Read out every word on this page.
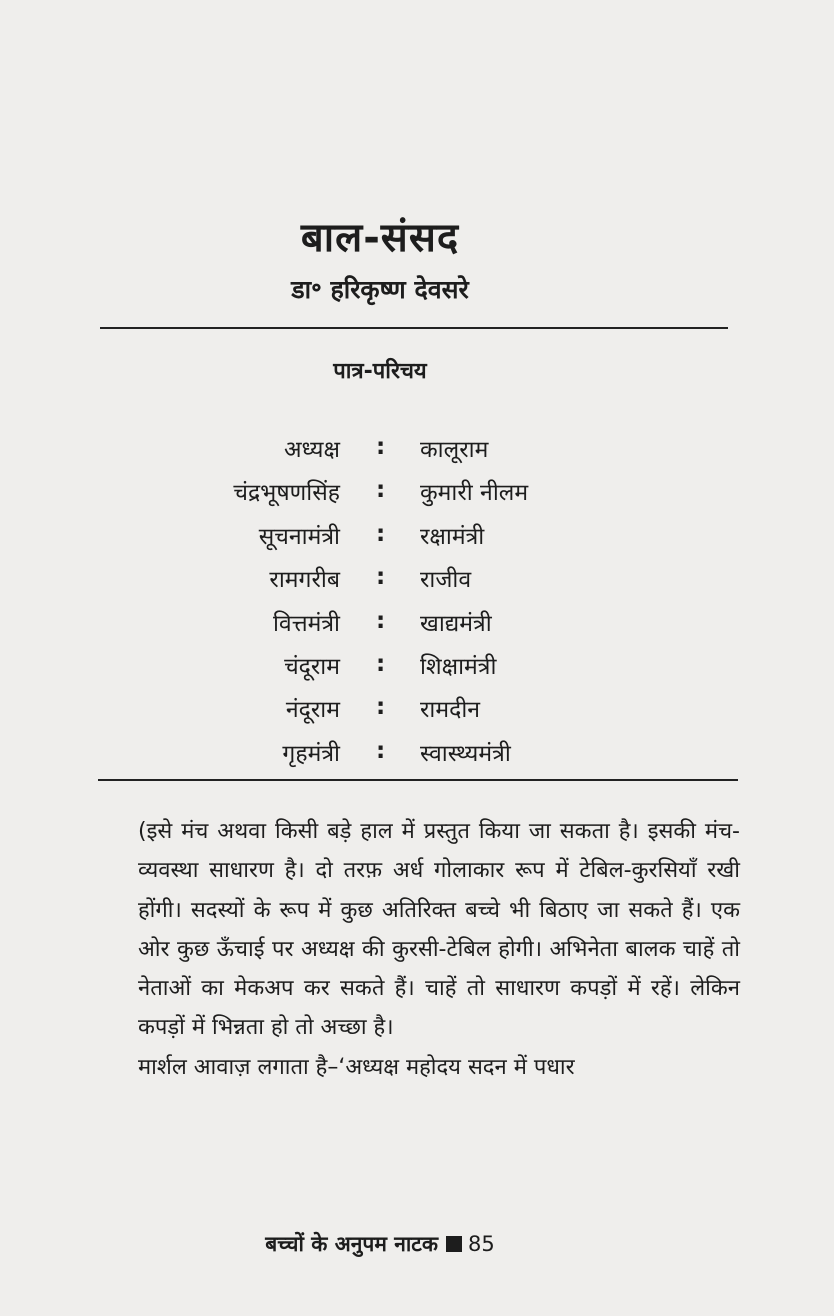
बाल-संसद
डा॰ हरिकृष्ण देवसरे
पात्र-परिचय
अध्यक्ष : कालूराम
चंद्रभूषणसिंह : कुमारी नीलम
सूचनामंत्री : रक्षामंत्री
रामगरीब : राजीव
वित्तमंत्री : खाद्यमंत्री
चंदूराम : शिक्षामंत्री
नंदूराम : रामदीन
गृहमंत्री : स्वास्थ्यमंत्री

(इसे मंच अथवा किसी बड़े हाल में प्रस्तुत किया जा सकता है। इसकी मंच-व्यवस्था साधारण है। दो तरफ़ अर्ध गोलाकार रूप में टेबिल-कुरसियाँ रखी होंगी। सदस्यों के रूप में कुछ अतिरिक्त बच्चे भी बिठाए जा सकते हैं। एक ओर कुछ ऊँचाई पर अध्यक्ष की कुरसी-टेबिल होगी। अभिनेता बालक चाहें तो नेताओं का मेकअप कर सकते हैं। चाहें तो साधारण कपड़ों में रहें। लेकिन कपड़ों में भिन्नता हो तो अच्छा है।

मार्शल आवाज़ लगाता है–‘अध्यक्ष महोदय सदन में पधार

बच्चों के अनुपम नाटक 85
